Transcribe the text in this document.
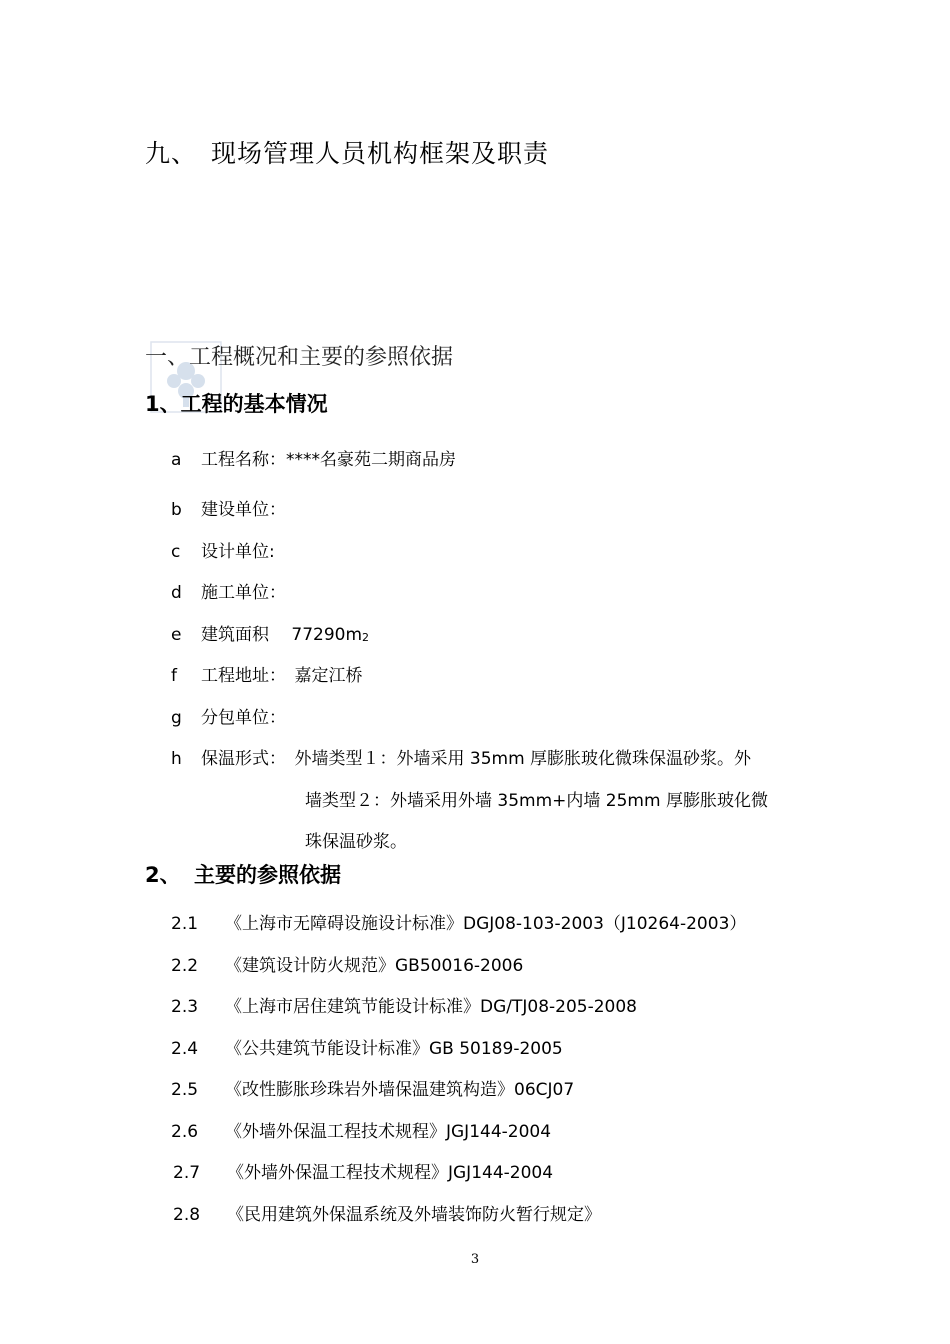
九、 现场管理人员机构框架及职责
一、工程概况和主要的参照依据
1、工程的基本情况
a 工程名称：****名豪苑二期商品房
b 建设单位：
c 设计单位:
d 施工单位：
e 建筑面积　 $77290m_2$
f 工程地址：　嘉定江桥
g 分包单位：
h 保温形式：　外墙类型１：外墙采用 35mm 厚膨胀玻化微珠保温砂浆。外
墙类型２：外墙采用外墙 35mm+内墙 25mm 厚膨胀玻化微
珠保温砂浆。
2、 主要的参照依据
2.1 《上海市无障碍设施设计标准》DGJ08-103-2003（J10264-2003）
2.2 《建筑设计防火规范》GB50016-2006
2.3 《上海市居住建筑节能设计标准》DG/TJ08-205-2008
2.4 《公共建筑节能设计标准》GB 50189-2005
2.5 《改性膨胀珍珠岩外墙保温建筑构造》06CJ07
2.6 《外墙外保温工程技术规程》JGJ144-2004
2.7 《外墙外保温工程技术规程》JGJ144-2004
2.8 《民用建筑外保温系统及外墙装饰防火暂行规定》
3
